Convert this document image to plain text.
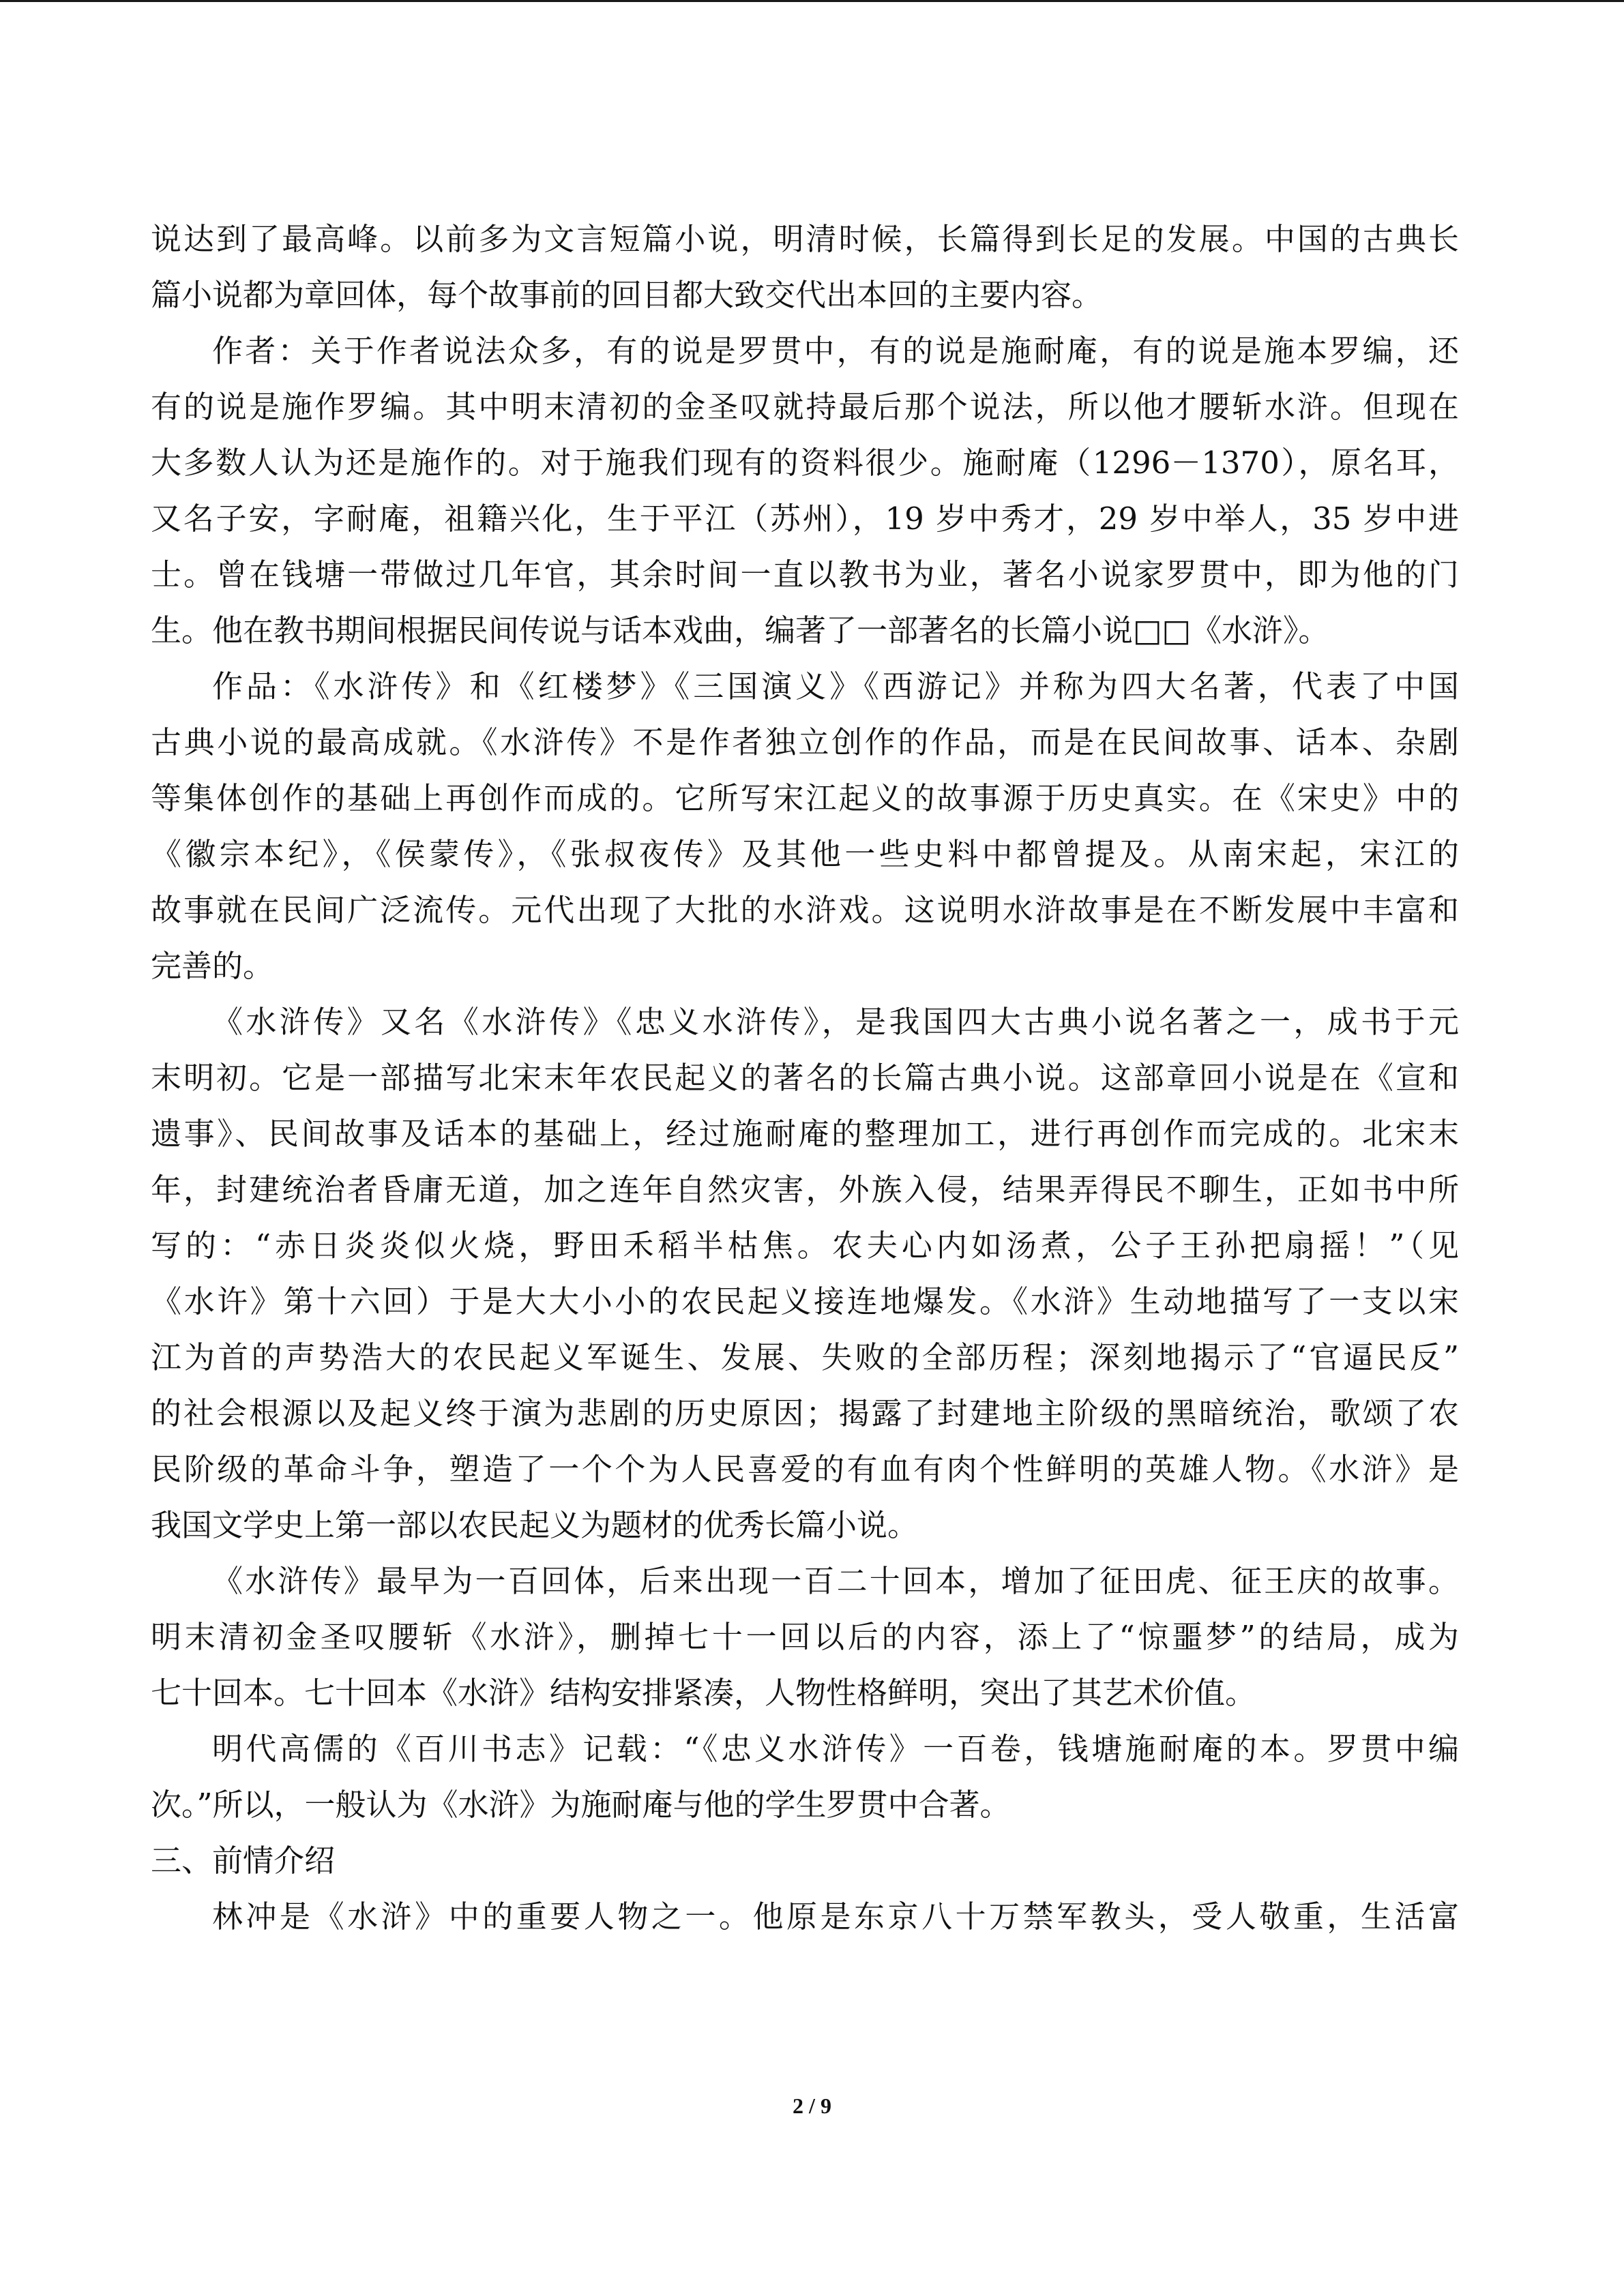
说达到了最高峰。以前多为文言短篇小说，明清时候，长篇得到长足的发展。中国的古典长
篇小说都为章回体，每个故事前的回目都大致交代出本回的主要内容。
作者：关于作者说法众多，有的说是罗贯中，有的说是施耐庵，有的说是施本罗编，还
有的说是施作罗编。其中明末清初的金圣叹就持最后那个说法，所以他才腰斩水浒。但现在
大多数人认为还是施作的。对于施我们现有的资料很少。施耐庵（1296－1370），原名耳，
又名子安，字耐庵，祖籍兴化，生于平江（苏州），19 岁中秀才，29 岁中举人，35 岁中进
士。曾在钱塘一带做过几年官，其余时间一直以教书为业，著名小说家罗贯中，即为他的门
生。他在教书期间根据民间传说与话本戏曲，编著了一部著名的长篇小说□□《水浒》。
作品：《水浒传》和《红楼梦》《三国演义》《西游记》并称为四大名著，代表了中国
古典小说的最高成就。《水浒传》不是作者独立创作的作品，而是在民间故事、话本、杂剧
等集体创作的基础上再创作而成的。它所写宋江起义的故事源于历史真实。在《宋史》中的
《徽宗本纪》，《侯蒙传》，《张叔夜传》及其他一些史料中都曾提及。从南宋起，宋江的
故事就在民间广泛流传。元代出现了大批的水浒戏。这说明水浒故事是在不断发展中丰富和
完善的。
《水浒传》又名《水浒传》《忠义水浒传》，是我国四大古典小说名著之一，成书于元
末明初。它是一部描写北宋末年农民起义的著名的长篇古典小说。这部章回小说是在《宣和
遗事》、民间故事及话本的基础上，经过施耐庵的整理加工，进行再创作而完成的。北宋末
年，封建统治者昏庸无道，加之连年自然灾害，外族入侵，结果弄得民不聊生，正如书中所
写的：“赤日炎炎似火烧，野田禾稻半枯焦。农夫心内如汤煮，公子王孙把扇摇！”（见
《水许》第十六回）于是大大小小的农民起义接连地爆发。《水浒》生动地描写了一支以宋
江为首的声势浩大的农民起义军诞生、发展、失败的全部历程；深刻地揭示了“官逼民反”
的社会根源以及起义终于演为悲剧的历史原因；揭露了封建地主阶级的黑暗统治，歌颂了农
民阶级的革命斗争，塑造了一个个为人民喜爱的有血有肉个性鲜明的英雄人物。《水浒》是
我国文学史上第一部以农民起义为题材的优秀长篇小说。
《水浒传》最早为一百回体，后来出现一百二十回本，增加了征田虎、征王庆的故事。
明末清初金圣叹腰斩《水浒》，删掉七十一回以后的内容，添上了“惊噩梦”的结局，成为
七十回本。七十回本《水浒》结构安排紧凑，人物性格鲜明，突出了其艺术价值。
明代高儒的《百川书志》记载：“《忠义水浒传》一百卷，钱塘施耐庵的本。罗贯中编
次。”所以，一般认为《水浒》为施耐庵与他的学生罗贯中合著。
三、前情介绍
林冲是《水浒》中的重要人物之一。他原是东京八十万禁军教头，受人敬重，生活富
2 / 9
